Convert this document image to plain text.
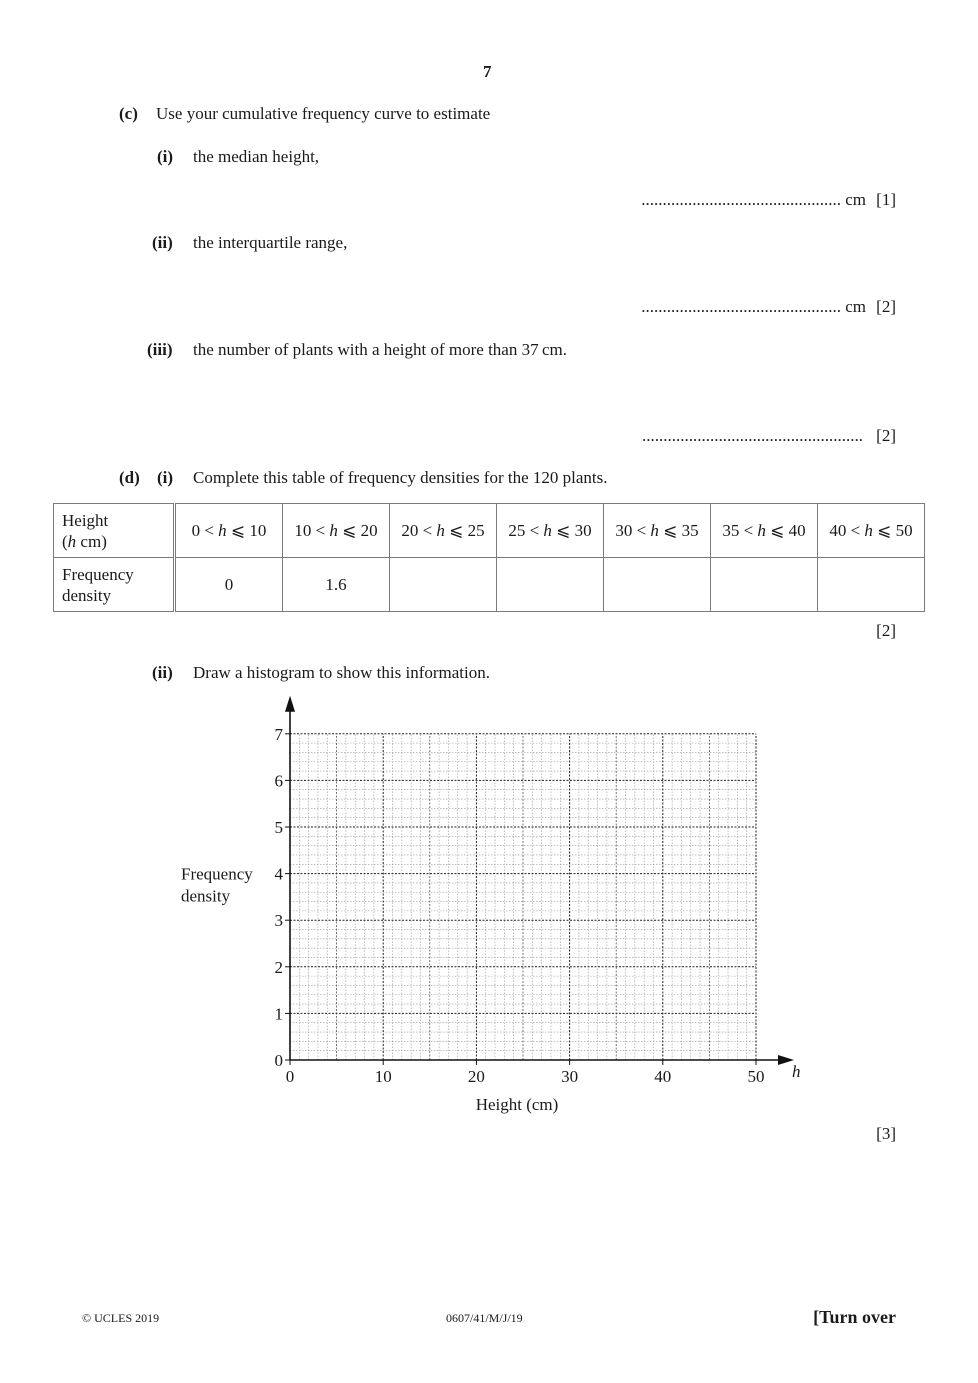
7
(c) Use your cumulative frequency curve to estimate
(i) the median height,
............................................... cm [1]
(ii) the interquartile range,
............................................... cm [2]
(iii) the number of plants with a height of more than 37 cm.
.................................................... [2]
(d) (i) Complete this table of frequency densities for the 120 plants.
Height
(h cm)	0 < h ⩽ 10	10 < h ⩽ 20	20 < h ⩽ 25	25 < h ⩽ 30	30 < h ⩽ 35	35 < h ⩽ 40	40 < h ⩽ 50
Frequency
density	0	1.6					
[2]
(ii) Draw a histogram to show this information.
0	10	20	30	40	50
0
1
2
3
4
5
6
7
h
Height (cm)
Frequency density
[3]
© UCLES 2019	0607/41/M/J/19	[Turn over
